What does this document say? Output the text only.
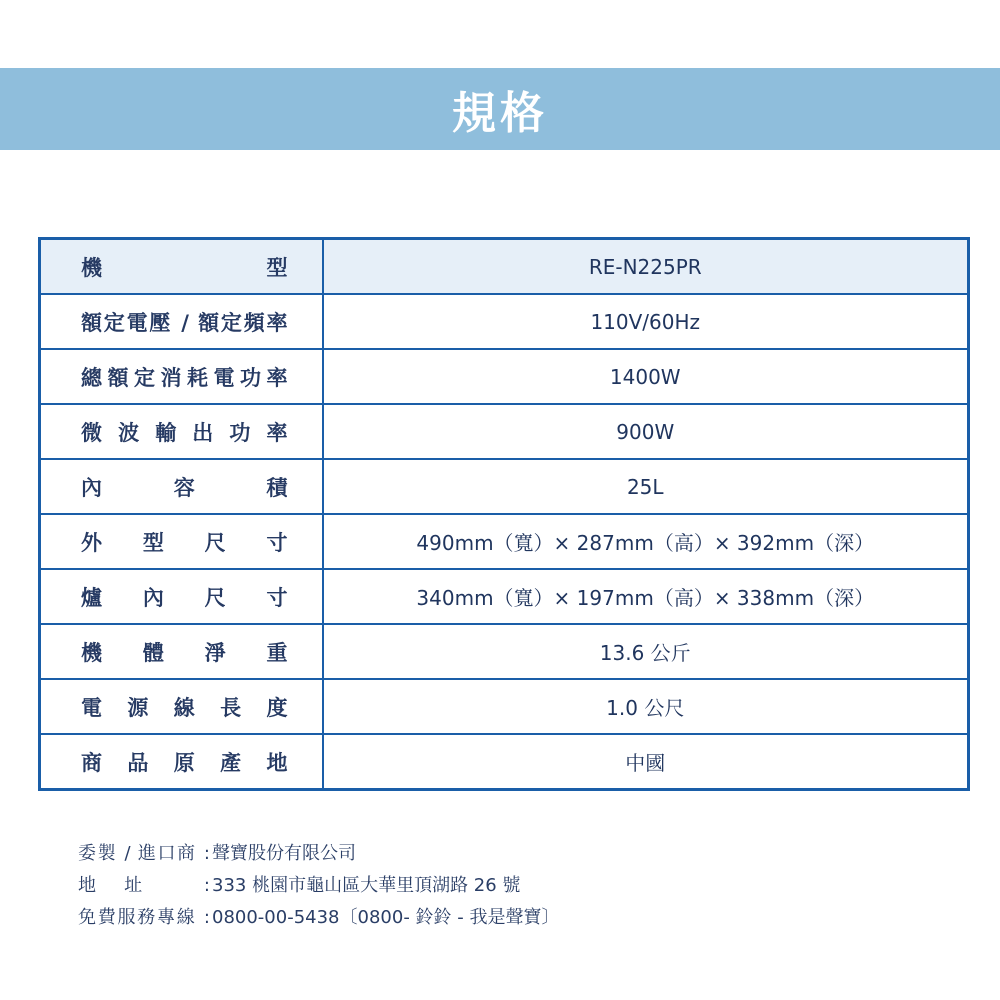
規格
機型	RE-N225PR
額定電壓 / 額定頻率	110V/60Hz
總額定消耗電功率	1400W
微波輸出功率	900W
內容積	25L
外型尺寸	490mm（寬）× 287mm（高）× 392mm（深）
爐內尺寸	340mm（寬）× 197mm（高）× 338mm（深）
機體淨重	13.6 公斤
電源線長度	1.0 公尺
商品原產地	中國
委製 / 進口商 : 聲寶股份有限公司
地址 : 333 桃園市龜山區大華里頂湖路 26 號
免費服務專線 : 0800-00-5438〔0800- 鈴鈴 - 我是聲寶〕
